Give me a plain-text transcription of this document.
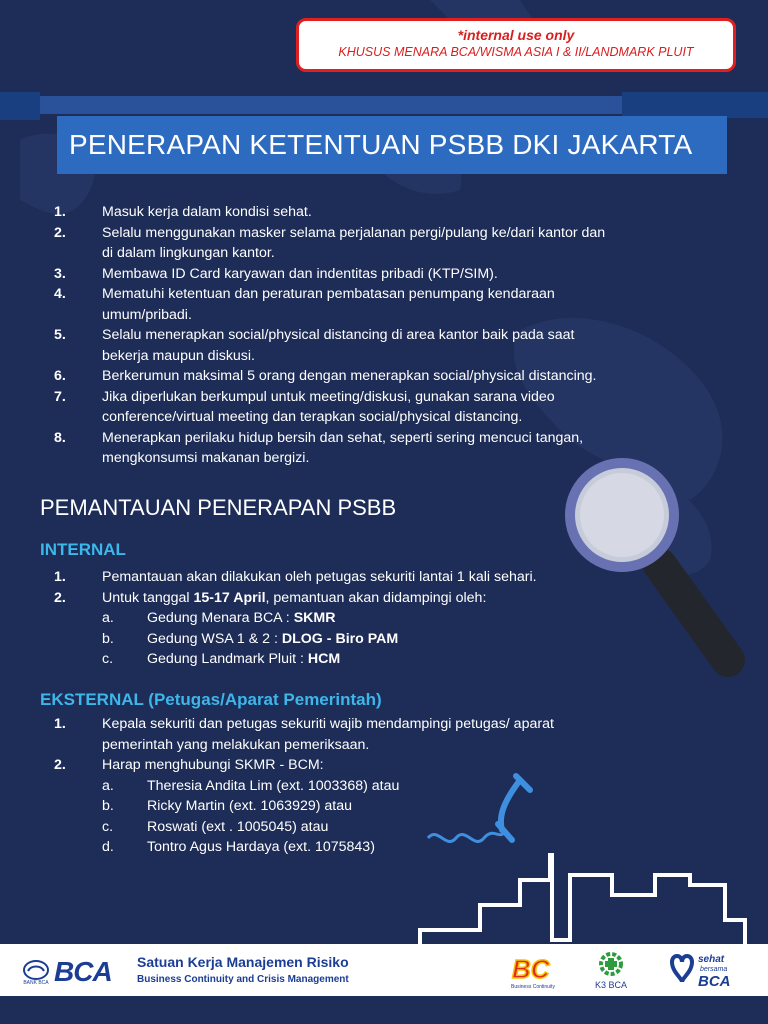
*internal use only
KHUSUS MENARA BCA/WISMA ASIA I & II/LANDMARK PLUIT
PENERAPAN KETENTUAN PSBB DKI JAKARTA
1.	Masuk kerja dalam kondisi sehat.
2.	Selalu menggunakan masker selama perjalanan pergi/pulang ke/dari kantor dan
di dalam lingkungan kantor.
3.	Membawa ID Card karyawan dan indentitas pribadi (KTP/SIM).
4.	Mematuhi ketentuan dan peraturan pembatasan penumpang kendaraan
umum/pribadi.
5.	Selalu menerapkan social/physical distancing di area kantor baik pada saat
bekerja maupun diskusi.
6.	Berkerumun maksimal 5 orang dengan menerapkan social/physical distancing.
7.	Jika diperlukan berkumpul untuk meeting/diskusi, gunakan sarana video
conference/virtual meeting dan terapkan social/physical distancing.
8.	Menerapkan perilaku hidup bersih dan sehat, seperti sering mencuci tangan,
mengkonsumsi makanan bergizi.
PEMANTAUAN PENERAPAN PSBB
INTERNAL
1.	Pemantauan akan dilakukan oleh petugas sekuriti lantai 1 kali sehari.
2.	Untuk tanggal 15-17 April, pemantuan akan didampingi oleh:
a. Gedung Menara BCA : SKMR
b. Gedung WSA 1 & 2 : DLOG - Biro PAM
c. Gedung Landmark Pluit : HCM
EKSTERNAL (Petugas/Aparat Pemerintah)
1.	Kepala sekuriti dan petugas sekuriti wajib mendampingi petugas/ aparat
pemerintah yang melakukan pemeriksaan.
2.	Harap menghubungi SKMR - BCM:
a. Theresia Andita Lim (ext. 1003368) atau
b. Ricky Martin (ext. 1063929) atau
c. Roswati (ext . 1005045) atau
d. Tontro Agus Hardaya (ext. 1075843)
BANK BCA BCA Satuan Kerja Manajemen Risiko
Business Continuity and Crisis Management	BC
Business Continuity	K3 BCA
sehat
bersama
BCA
